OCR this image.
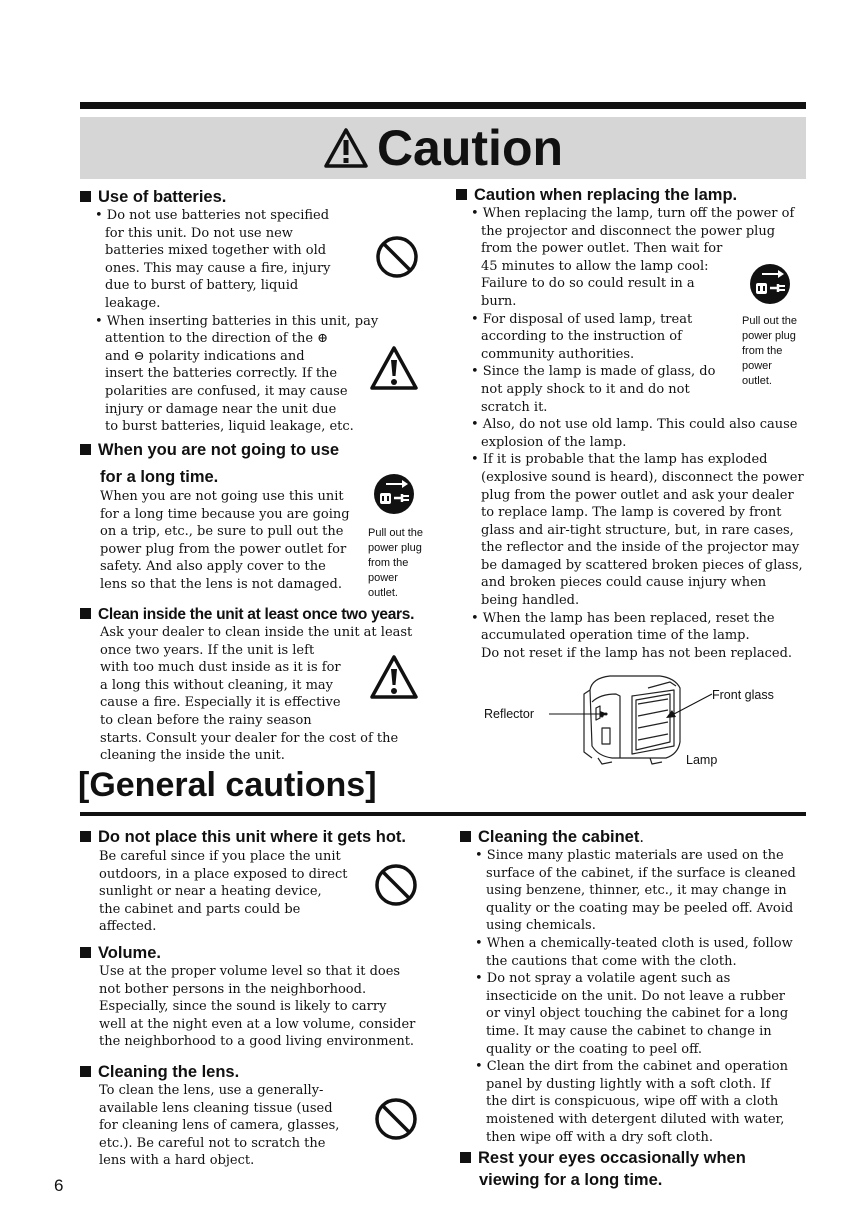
Caution
Use of batteries.
• Do not use batteries not specified
for this unit. Do not use new
batteries mixed together with old
ones. This may cause a fire, injury
due to burst of battery, liquid
leakage.
• When inserting batteries in this unit, pay
attention to the direction of the ⊕
and ⊖ polarity indications and
insert the batteries correctly. If the
polarities are confused, it may cause
injury or damage near the unit due
to burst batteries, liquid leakage, etc.
When you are not going to use
for a long time.
When you are not going use this unit
for a long time because you are going
on a trip, etc., be sure to pull out the
power plug from the power outlet for
safety. And also apply cover to the
lens so that the lens is not damaged.
Pull out the
power plug
from the
power
outlet.
Clean inside the unit at least once two years.
Ask your dealer to clean inside the unit at least
once two years. If the unit is left
with too much dust inside as it is for
a long this without cleaning, it may
cause a fire. Especially it is effective
to clean before the rainy season
starts. Consult your dealer for the cost of the
cleaning the inside the unit.
Caution when replacing the lamp.
• When replacing the lamp, turn off the power of
the projector and disconnect the power plug
from the power outlet. Then wait for
45 minutes to allow the lamp cool:
Failure to do so could result in a
burn.
• For disposal of used lamp, treat
according to the instruction of
community authorities.
• Since the lamp is made of glass, do
not apply shock to it and do not
scratch it.
• Also, do not use old lamp. This could also cause
explosion of the lamp.
• If it is probable that the lamp has exploded
(explosive sound is heard), disconnect the power
plug from the power outlet and ask your dealer
to replace lamp. The lamp is covered by front
glass and air-tight structure, but, in rare cases,
the reflector and the inside of the projector may
be damaged by scattered broken pieces of glass,
and broken pieces could cause injury when
being handled.
• When the lamp has been replaced, reset the
accumulated operation time of the lamp.
Do not reset if the lamp has not been replaced.
Pull out the
power plug
from the
power
outlet.
Reflector
Front glass
Lamp
[General cautions]
Do not place this unit where it gets hot.
Be careful since if you place the unit
outdoors, in a place exposed to direct
sunlight or near a heating device,
the cabinet and parts could be
affected.
Volume.
Use at the proper volume level so that it does
not bother persons in the neighborhood.
Especially, since the sound is likely to carry
well at the night even at a low volume, consider
the neighborhood to a good living environment.
Cleaning the lens.
To clean the lens, use a generally-
available lens cleaning tissue (used
for cleaning lens of camera, glasses,
etc.). Be careful not to scratch the
lens with a hard object.
Cleaning the cabinet.
• Since many plastic materials are used on the
surface of the cabinet, if the surface is cleaned
using benzene, thinner, etc., it may change in
quality or the coating may be peeled off. Avoid
using chemicals.
• When a chemically-teated cloth is used, follow
the cautions that come with the cloth.
• Do not spray a volatile agent such as
insecticide on the unit. Do not leave a rubber
or vinyl object touching the cabinet for a long
time. It may cause the cabinet to change in
quality or the coating to peel off.
• Clean the dirt from the cabinet and operation
panel by dusting lightly with a soft cloth. If
the dirt is conspicuous, wipe off with a cloth
moistened with detergent diluted with water,
then wipe off with a dry soft cloth.
Rest your eyes occasionally when
viewing for a long time.
6
